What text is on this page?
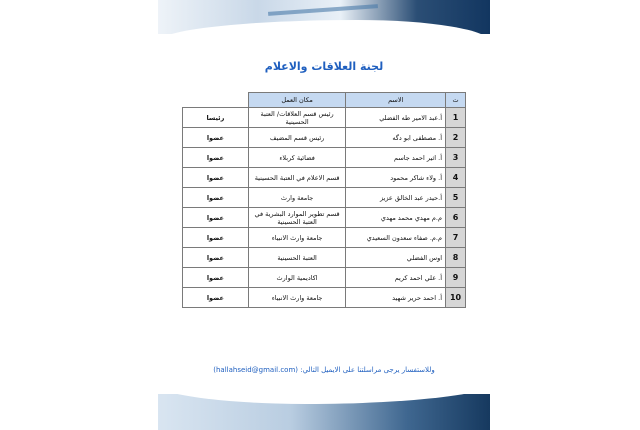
لجنة العلاقات والاعلام
ت	الاسم	مكان العمل	
1	أ.عبد الامير طه الفضلي	رئيس قسم العلاقات/ العتبة الحسينية	رئيسا
2	أ. مصطفى ابو دگه	رئيس قسم المضيف	عضوا
3	أ. اثير احمد جاسم	فضائية كربلاء	عضوا
4	أ. ولاء شاكر محمود	قسم الاعلام في العتبة الحسينية	عضوا
5	أ.حيدر عبد الخالق عزيز	جامعة وارث	عضوا
6	م.م مهدي محمد مهدي	قسم تطوير الموارد البشرية في العتبة الحسينية	عضوا
7	م.م. صفاء سعدون السعيدي	جامعة وارث الانبياء	عضوا
8	اوس الفضلي	العتبة الحسينية	عضوا
9	أ. علي احمد كريم	اكاديمية الوارث	عضوا
10	أ. احمد حرير شهيد	جامعة وارث الانبياء	عضوا
وللاستفسار يرجى مراسلتنا على الايميل التالي: (hallahseid@gmail.com)
